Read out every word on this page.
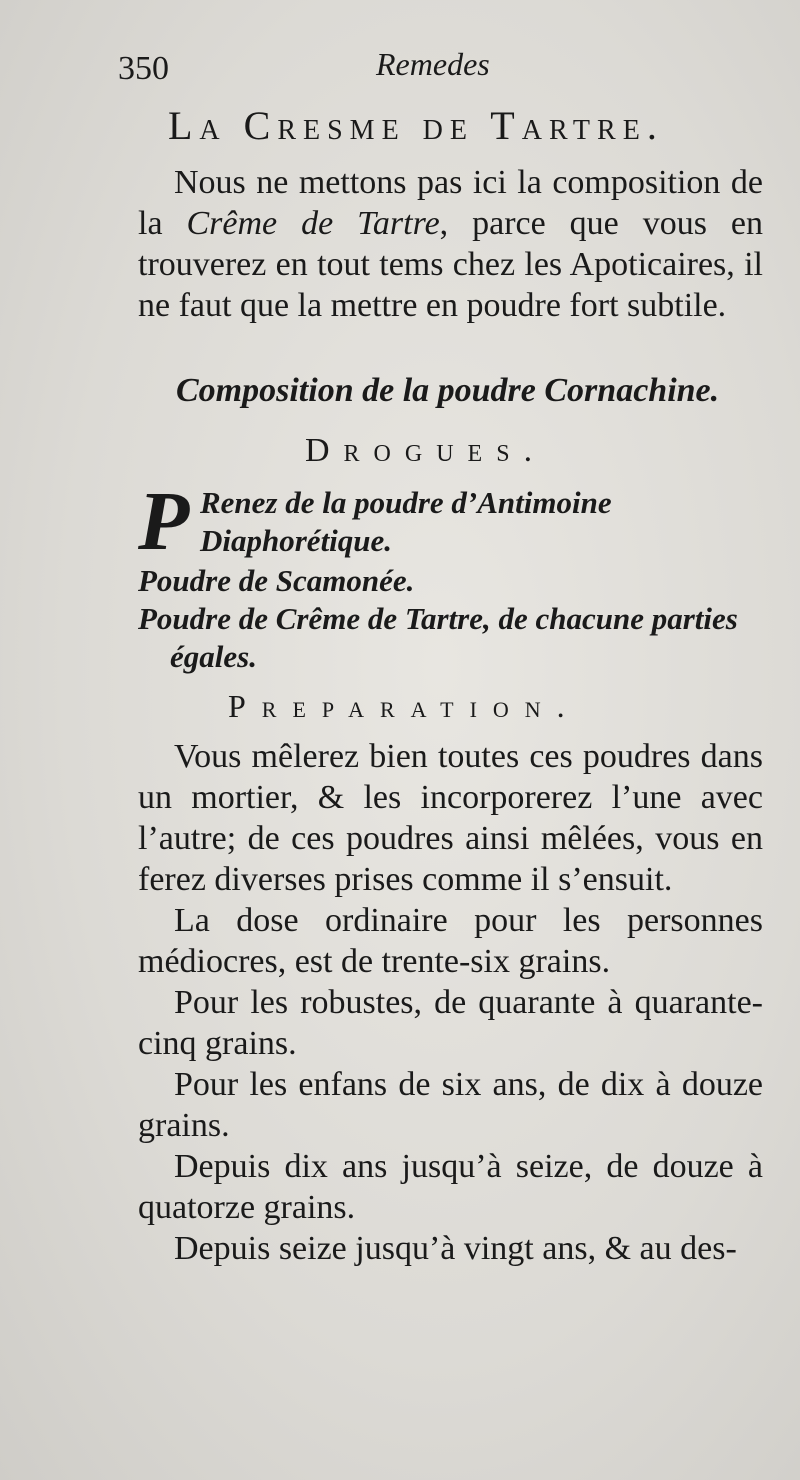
350	Remedes
La Cresme de Tartre.

Nous ne mettons pas ici la composition de la Crême de Tartre, parce que vous en trouverez en tout tems chez les Apoticaires, il ne faut que la mettre en poudre fort subtile.

Composition de la poudre Cornachine.
Drogues.
P Renez de la poudre d’Antimoine Diaphorétique.
Poudre de Scamonée.
Poudre de Crême de Tartre, de chacune parties égales.
Preparation.

Vous mêlerez bien toutes ces poudres dans un mortier, & les incorporerez l’une avec l’autre; de ces poudres ainsi mêlées, vous en ferez diverses prises comme il s’ensuit.

La dose ordinaire pour les personnes médiocres, est de trente-six grains.

Pour les robustes, de quarante à quarante-cinq grains.

Pour les enfans de six ans, de dix à douze grains.

Depuis dix ans jusqu’à seize, de douze à quatorze grains.

Depuis seize jusqu’à vingt ans, & au des-
